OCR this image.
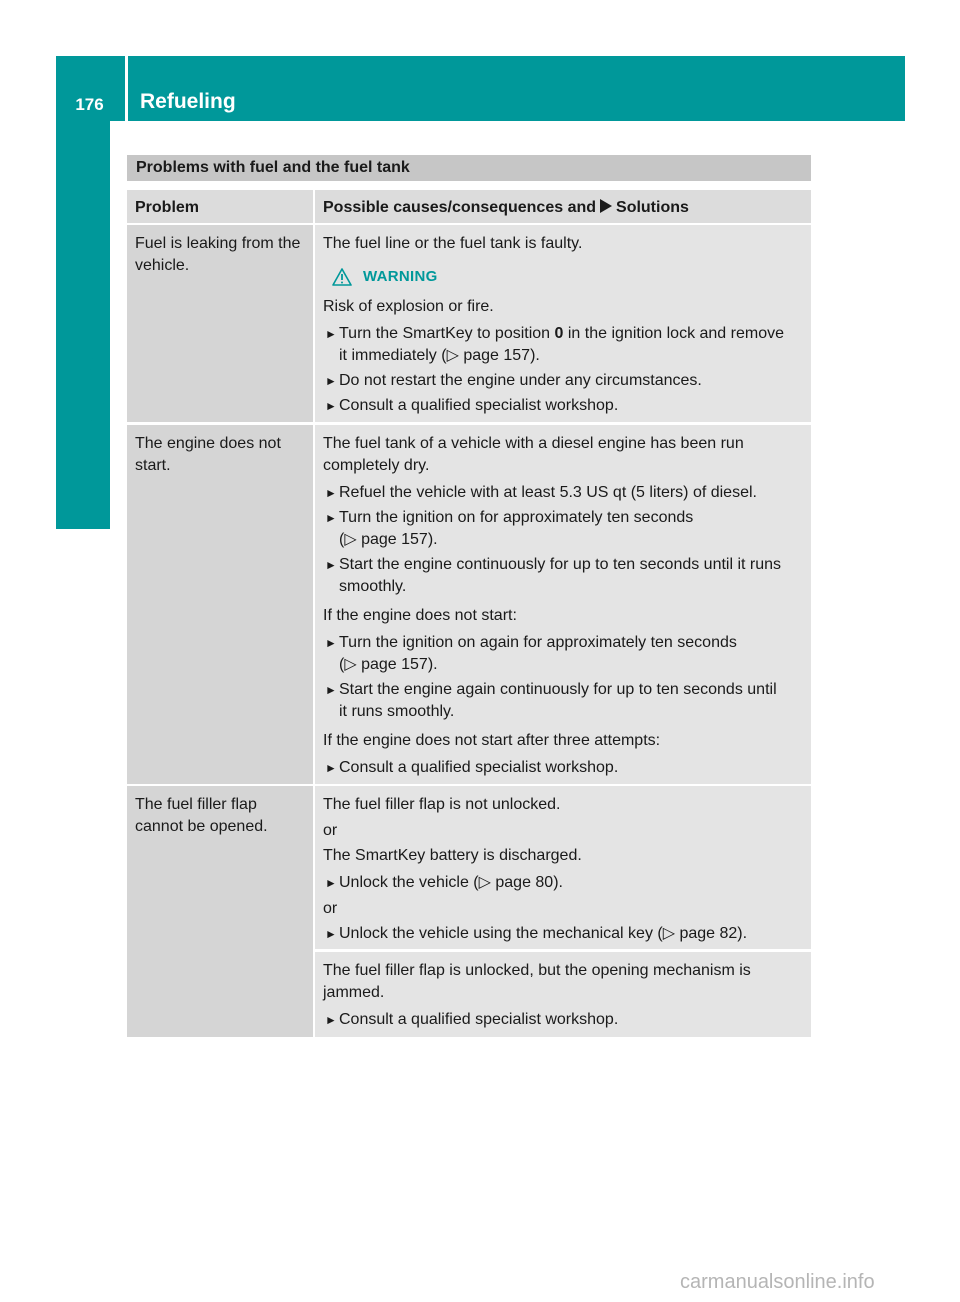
176	Refueling
Driving and parking
Problems with fuel and the fuel tank
Problem	Possible causes/consequences and Solutions
Fuel is leaking from the
vehicle.
The fuel line or the fuel tank is faulty.
WARNING
Risk of explosion or fire.
► Turn the SmartKey to position 0 in the ignition lock and remove
it immediately (▷ page 157).
► Do not restart the engine under any circumstances.
► Consult a qualified specialist workshop.
The engine does not
start.
The fuel tank of a vehicle with a diesel engine has been run
completely dry.
► Refuel the vehicle with at least 5.3 US qt (5 liters) of diesel.
► Turn the ignition on for approximately ten seconds
(▷ page 157).
► Start the engine continuously for up to ten seconds until it runs
smoothly.
If the engine does not start:
► Turn the ignition on again for approximately ten seconds
(▷ page 157).
► Start the engine again continuously for up to ten seconds until
it runs smoothly.
If the engine does not start after three attempts:
► Consult a qualified specialist workshop.
The fuel filler flap
cannot be opened.
The fuel filler flap is not unlocked.
or
The SmartKey battery is discharged.
► Unlock the vehicle (▷ page 80).
or
► Unlock the vehicle using the mechanical key (▷ page 82).
The fuel filler flap is unlocked, but the opening mechanism is
jammed.
► Consult a qualified specialist workshop.
carmanualsonline.info
